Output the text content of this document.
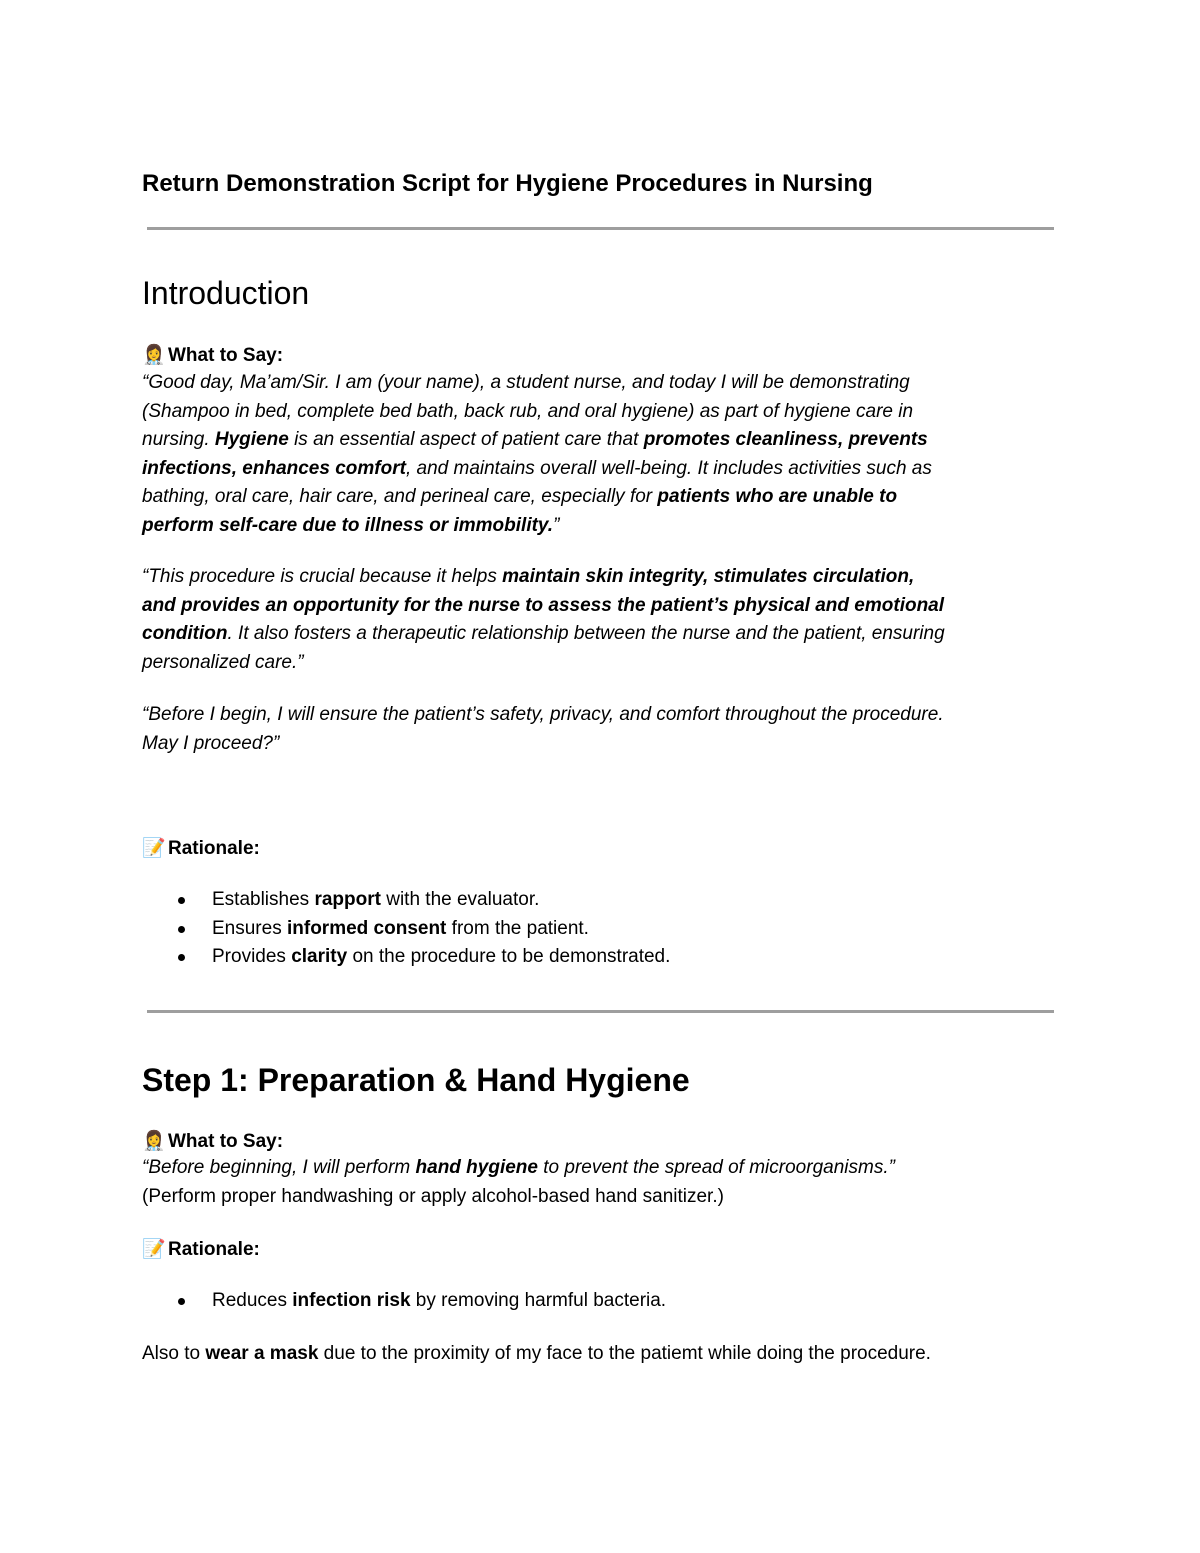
Return Demonstration Script for Hygiene Procedures in Nursing
Introduction
👩‍⚕️ What to Say:
“Good day, Ma’am/Sir. I am (your name), a student nurse, and today I will be demonstrating
(Shampoo in bed, complete bed bath, back rub, and oral hygiene) as part of hygiene care in
nursing. Hygiene is an essential aspect of patient care that promotes cleanliness, prevents
infections, enhances comfort, and maintains overall well-being. It includes activities such as
bathing, oral care, hair care, and perineal care, especially for patients who are unable to
perform self-care due to illness or immobility.”
“This procedure is crucial because it helps maintain skin integrity, stimulates circulation,
and provides an opportunity for the nurse to assess the patient’s physical and emotional
condition. It also fosters a therapeutic relationship between the nurse and the patient, ensuring
personalized care.”
“Before I begin, I will ensure the patient’s safety, privacy, and comfort throughout the procedure.
May I proceed?”
📝 Rationale:
Establishes rapport with the evaluator.
Ensures informed consent from the patient.
Provides clarity on the procedure to be demonstrated.
Step 1: Preparation & Hand Hygiene
👩‍⚕️ What to Say:
“Before beginning, I will perform hand hygiene to prevent the spread of microorganisms.”
(Perform proper handwashing or apply alcohol-based hand sanitizer.)
📝 Rationale:
Reduces infection risk by removing harmful bacteria.
Also to wear a mask due to the proximity of my face to the patiemt while doing the procedure.
